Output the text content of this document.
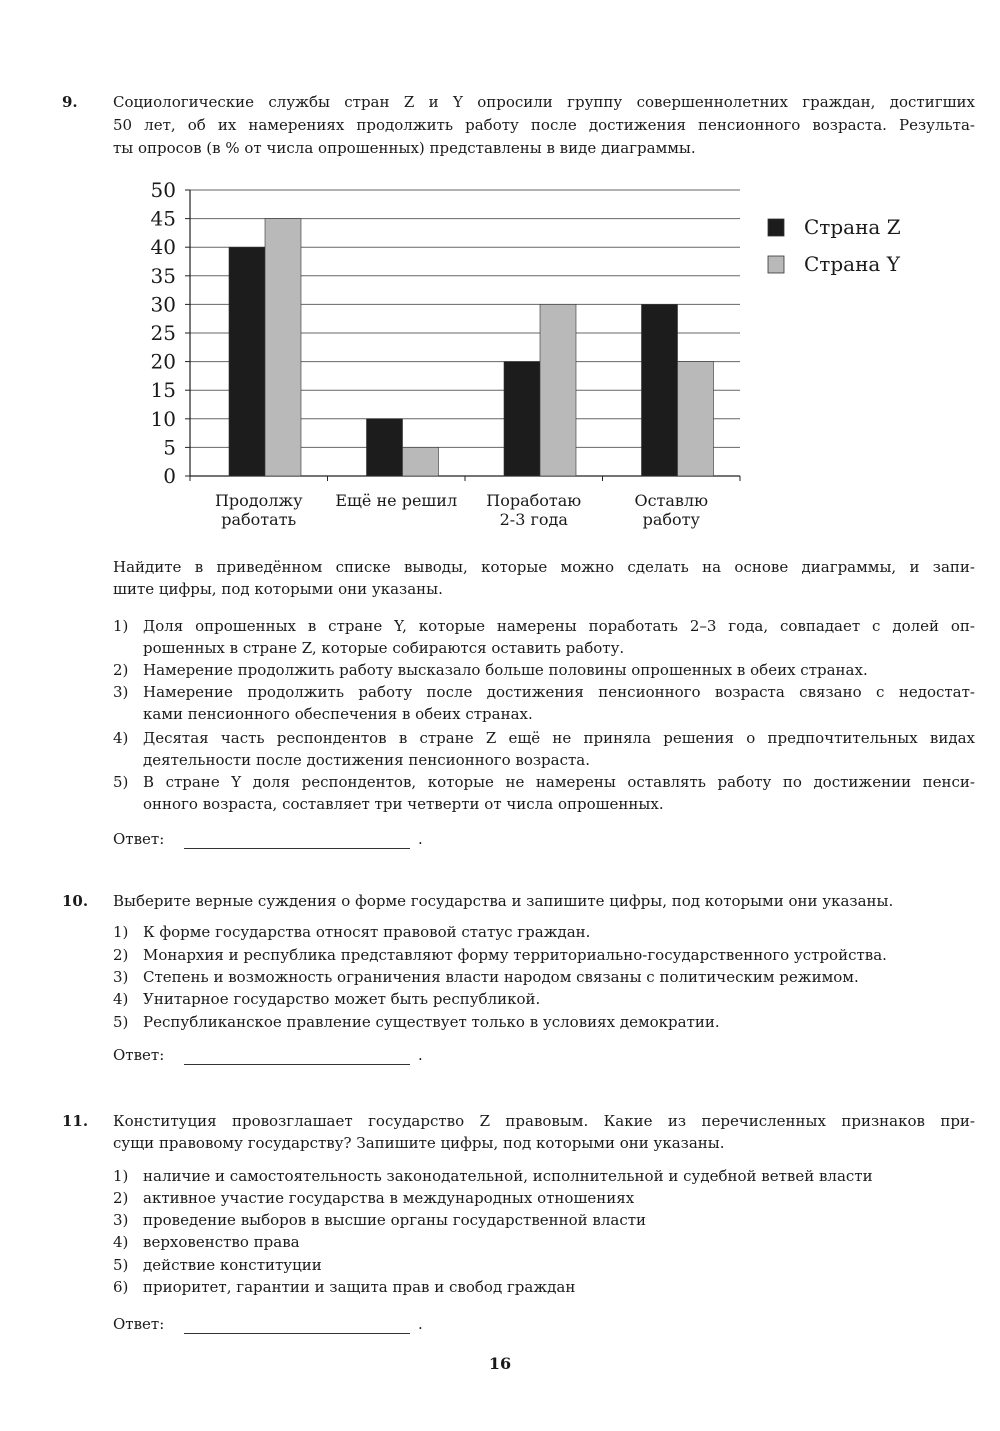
9. Социологические службы стран Z и Y опросили группу совершеннолетних граждан, достигших
50 лет, об их намерениях продолжить работу после достижения пенсионного возраста. Результа-
ты опросов (в % от числа опрошенных) представлены в виде диаграммы.
Найдите в приведённом списке выводы, которые можно сделать на основе диаграммы, и запи-
шите цифры, под которыми они указаны.
1) Доля опрошенных в стране Y, которые намерены поработать 2–3 года, совпадает с долей оп-
рошенных в стране Z, которые собираются оставить работу.
2) Намерение продолжить работу высказало больше половины опрошенных в обеих странах.
3) Намерение продолжить работу после достижения пенсионного возраста связано с недостат-
ками пенсионного обеспечения в обеих странах.
4) Десятая часть респондентов в стране Z ещё не приняла решения о предпочтительных видах
деятельности после достижения пенсионного возраста.
5) В стране Y доля респондентов, которые не намерены оставлять работу по достижении пенси-
онного возраста, составляет три четверти от числа опрошенных.
Ответ:	.
10. Выберите верные суждения о форме государства и запишите цифры, под которыми они указаны.
1) К форме государства относят правовой статус граждан.
2) Монархия и республика представляют форму территориально-государственного устройства.
3) Степень и возможность ограничения власти народом связаны с политическим режимом.
4) Унитарное государство может быть республикой.
5) Республиканское правление существует только в условиях демократии.
Ответ:	.
11. Конституция провозглашает государство Z правовым. Какие из перечисленных признаков при-
сущи правовому государству? Запишите цифры, под которыми они указаны.
1) наличие и самостоятельность законодательной, исполнительной и судебной ветвей власти
2) активное участие государства в международных отношениях
3) проведение выборов в высшие органы государственной власти
4) верховенство права
5) действие конституции
6) приоритет, гарантии и защита прав и свобод граждан
Ответ:	.
0
5
10
15
20
25
30
35
40
45
50
Продолжу
работать
Ещё не решил Поработаю
2-3 года
Оставлю
работу
Страна Z
Страна Y
16
